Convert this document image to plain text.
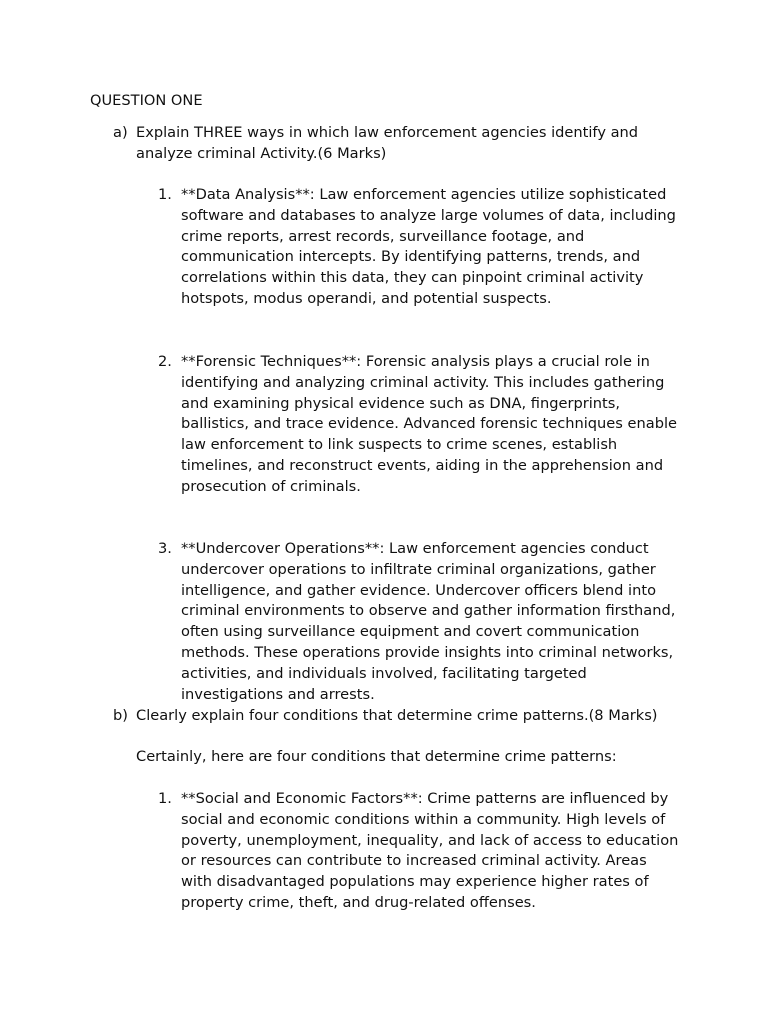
QUESTION ONE
a) Explain THREE ways in which law enforcement agencies identify and analyze criminal Activity.(6 Marks)
1. **Data Analysis**: Law enforcement agencies utilize sophisticated software and databases to analyze large volumes of data, including crime reports, arrest records, surveillance footage, and communication intercepts. By identifying patterns, trends, and correlations within this data, they can pinpoint criminal activity hotspots, modus operandi, and potential suspects.
2. **Forensic Techniques**: Forensic analysis plays a crucial role in identifying and analyzing criminal activity. This includes gathering and examining physical evidence such as DNA, fingerprints, ballistics, and trace evidence. Advanced forensic techniques enable law enforcement to link suspects to crime scenes, establish timelines, and reconstruct events, aiding in the apprehension and prosecution of criminals.
3. **Undercover Operations**: Law enforcement agencies conduct undercover operations to infiltrate criminal organizations, gather intelligence, and gather evidence. Undercover officers blend into criminal environments to observe and gather information firsthand, often using surveillance equipment and covert communication methods. These operations provide insights into criminal networks, activities, and individuals involved, facilitating targeted investigations and arrests.
b) Clearly explain four conditions that determine crime patterns.(8 Marks)
Certainly, here are four conditions that determine crime patterns:
1. **Social and Economic Factors**: Crime patterns are influenced by social and economic conditions within a community. High levels of poverty, unemployment, inequality, and lack of access to education or resources can contribute to increased criminal activity. Areas with disadvantaged populations may experience higher rates of property crime, theft, and drug-related offenses.
